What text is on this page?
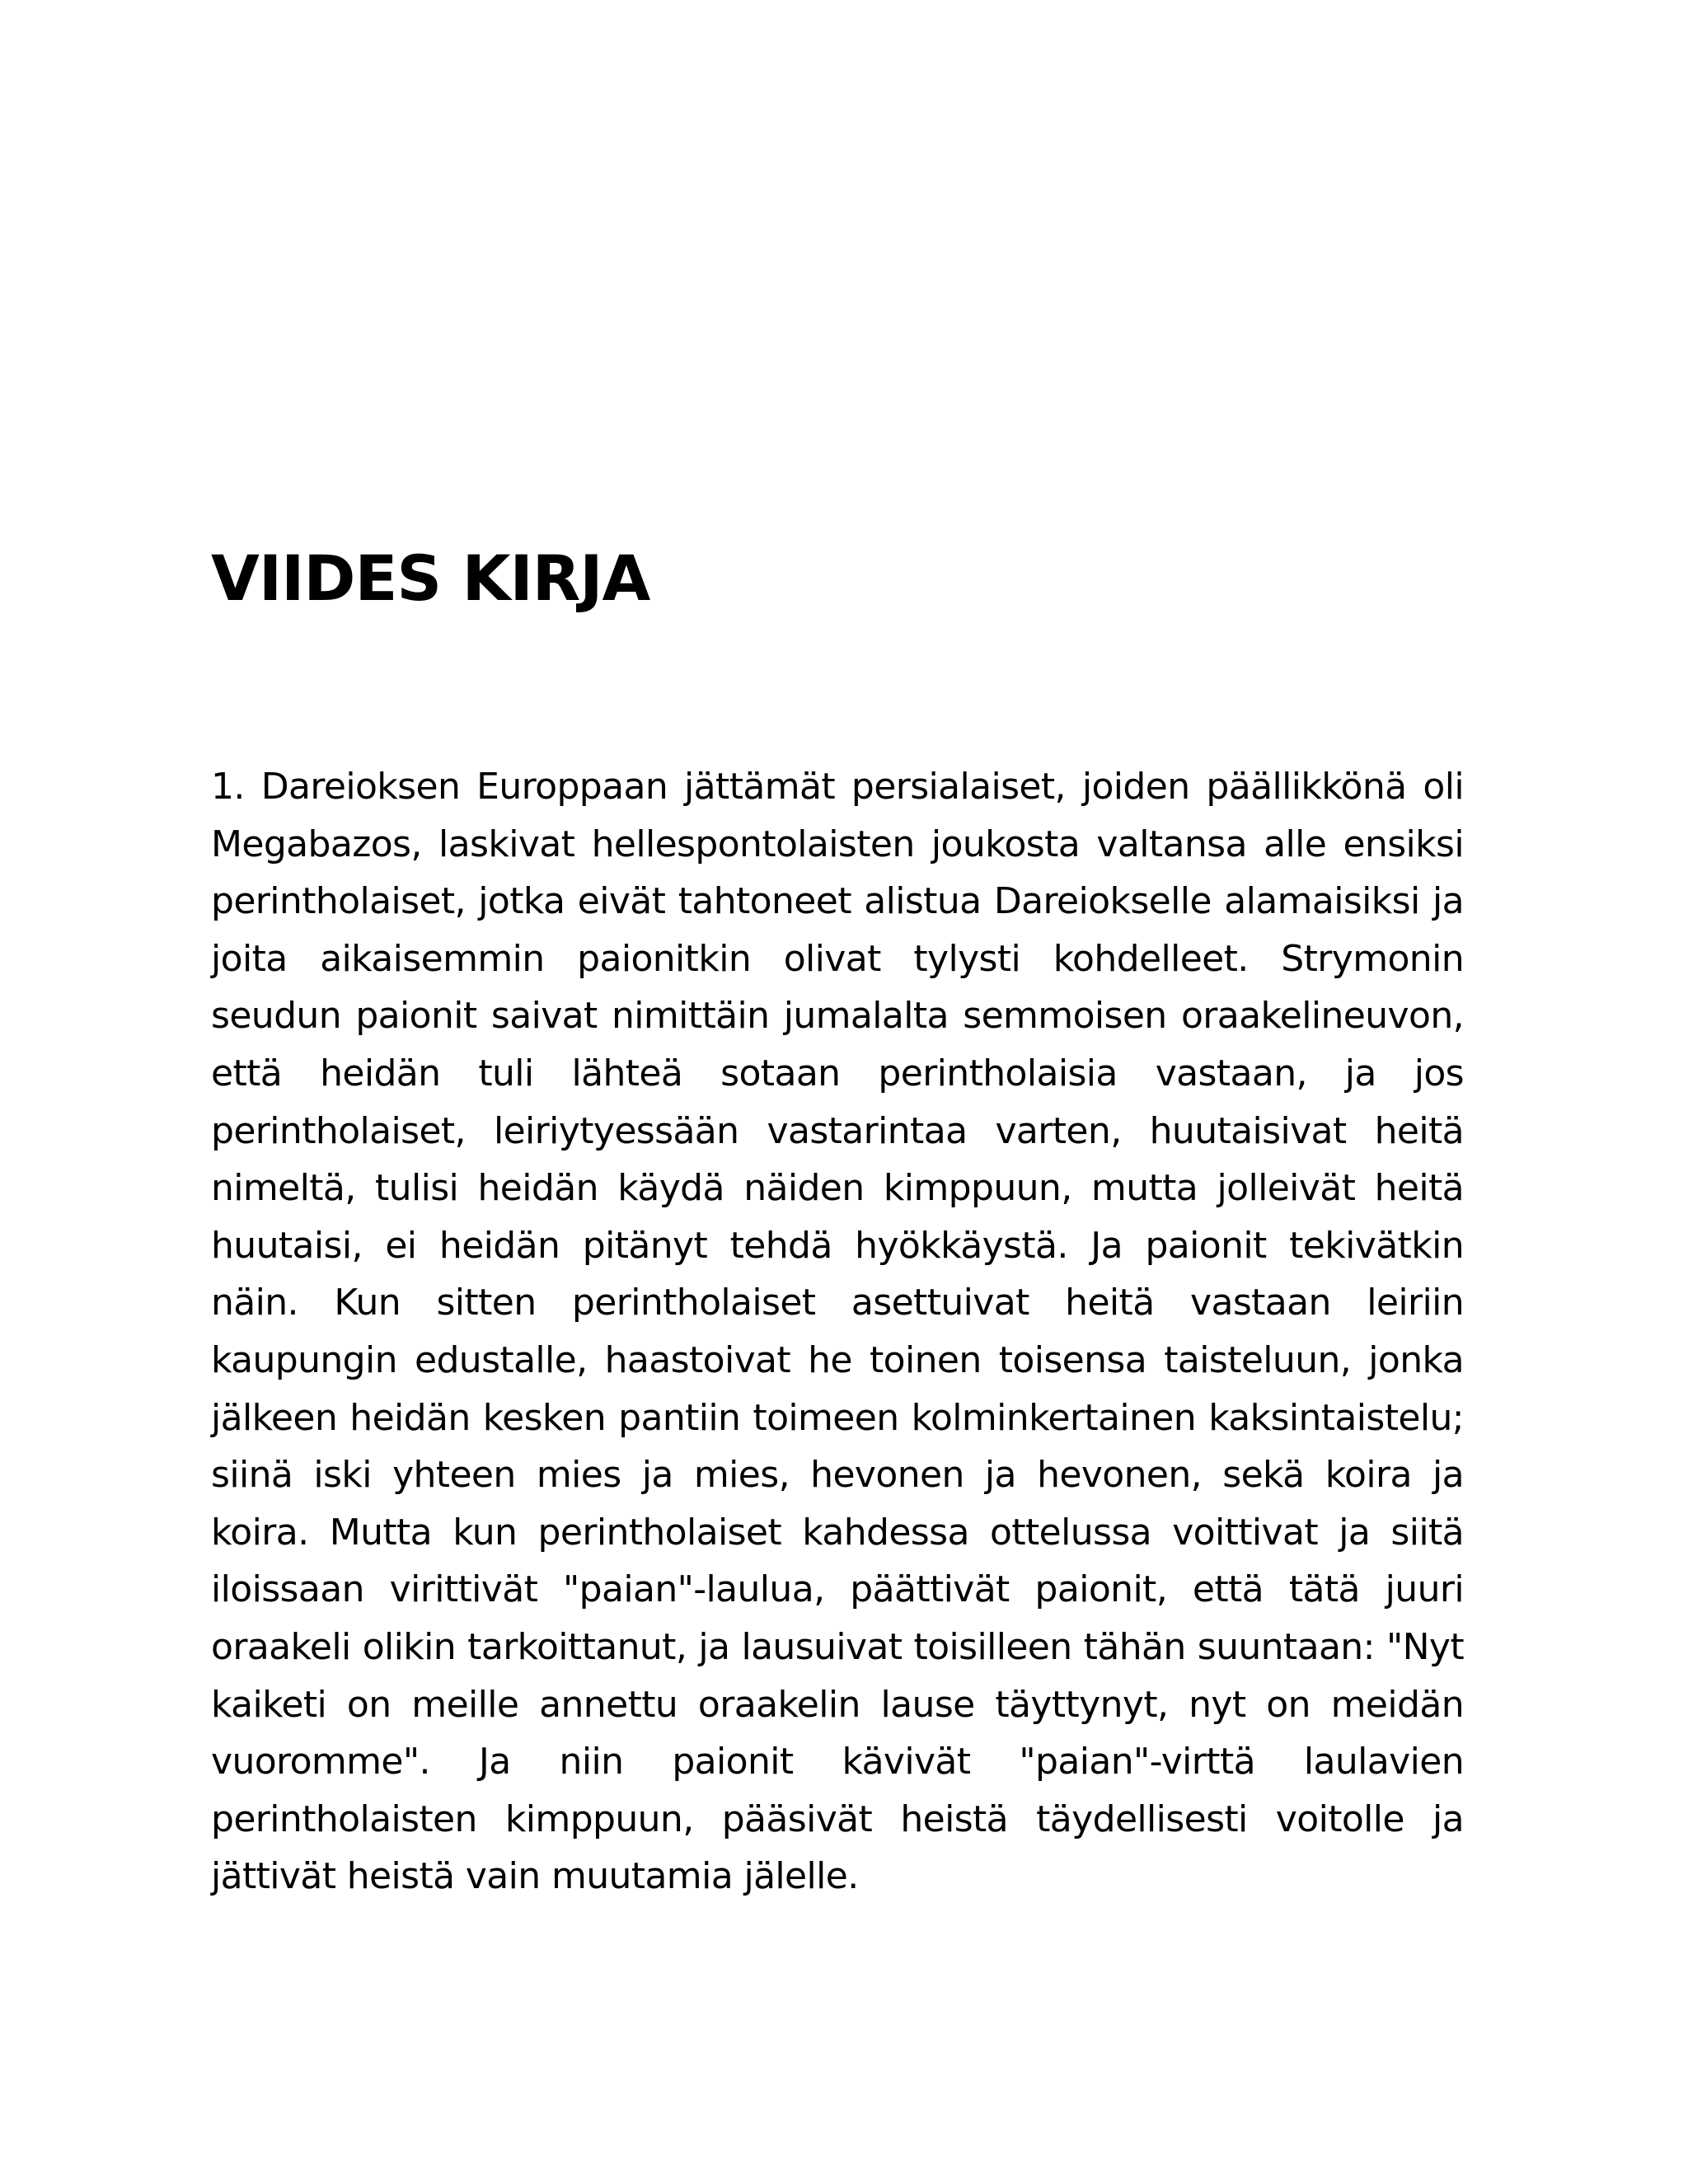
VIIDES KIRJA

1. Dareioksen Europpaan jättämät persialaiset, joiden päällikkönä oli Megabazos, laskivat hellespontolaisten joukosta valtansa alle ensiksi perintholaiset, jotka eivät tahtoneet alistua Dareiokselle alamaisiksi ja joita aikaisemmin paionitkin olivat tylysti kohdelleet. Strymonin seudun paionit saivat nimittäin jumalalta semmoisen oraakelineuvon, että heidän tuli lähteä sotaan perintholaisia vastaan, ja jos perintholaiset, leiriytyessään vastarintaa varten, huutaisivat heitä nimeltä, tulisi heidän käydä näiden kimppuun, mutta jolleivät heitä huutaisi, ei heidän pitänyt tehdä hyökkäystä. Ja paionit tekivätkin näin. Kun sitten perintholaiset asettuivat heitä vastaan leiriin kaupungin edustalle, haastoivat he toinen toisensa taisteluun, jonka jälkeen heidän kesken pantiin toimeen kolminkertainen kaksintaistelu; siinä iski yhteen mies ja mies, hevonen ja hevonen, sekä koira ja koira. Mutta kun perintholaiset kahdessa ottelussa voittivat ja siitä iloissaan virittivät "paian"-laulua, päättivät paionit, että tätä juuri oraakeli olikin tarkoittanut, ja lausuivat toisilleen tähän suuntaan: "Nyt kaiketi on meille annettu oraakelin lause täyttynyt, nyt on meidän vuoromme". Ja niin paionit kävivät "paian"-virttä laulavien perintholaisten kimppuun, pääsivät heistä täydellisesti voitolle ja jättivät heistä vain muutamia jälelle.
